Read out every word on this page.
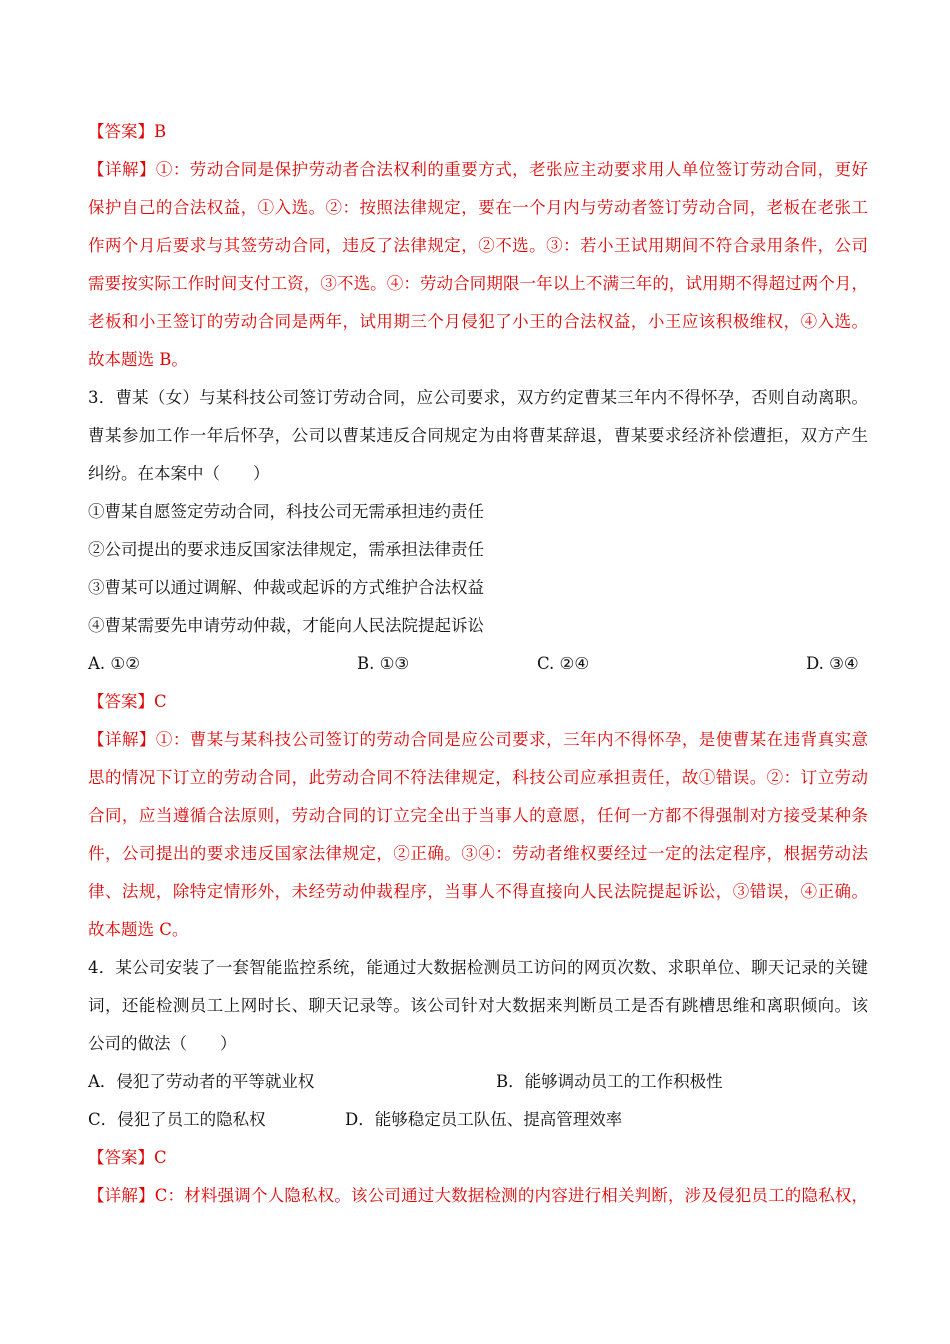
【答案】B
【详解】①：劳动合同是保护劳动者合法权利的重要方式，老张应主动要求用人单位签订劳动合同，更好
保护自己的合法权益，①入选。②：按照法律规定，要在一个月内与劳动者签订劳动合同，老板在老张工
作两个月后要求与其签劳动合同，违反了法律规定，②不选。③：若小王试用期间不符合录用条件，公司
需要按实际工作时间支付工资，③不选。④：劳动合同期限一年以上不满三年的，试用期不得超过两个月，
老板和小王签订的劳动合同是两年，试用期三个月侵犯了小王的合法权益，小王应该积极维权，④入选。
故本题选 B。
3．曹某（女）与某科技公司签订劳动合同，应公司要求，双方约定曹某三年内不得怀孕，否则自动离职。
曹某参加工作一年后怀孕，公司以曹某违反合同规定为由将曹某辞退，曹某要求经济补偿遭拒，双方产生
纠纷。在本案中（　　）
①曹某自愿签定劳动合同，科技公司无需承担违约责任
②公司提出的要求违反国家法律规定，需承担法律责任
③曹某可以通过调解、仲裁或起诉的方式维护合法权益
④曹某需要先申请劳动仲裁，才能向人民法院提起诉讼
A. ①②	B. ①③	C. ②④	D. ③④
【答案】C
【详解】①：曹某与某科技公司签订的劳动合同是应公司要求，三年内不得怀孕，是使曹某在违背真实意
思的情况下订立的劳动合同，此劳动合同不符法律规定，科技公司应承担责任，故①错误。②：订立劳动
合同，应当遵循合法原则，劳动合同的订立完全出于当事人的意愿，任何一方都不得强制对方接受某种条
件，公司提出的要求违反国家法律规定，②正确。③④：劳动者维权要经过一定的法定程序，根据劳动法
律、法规，除特定情形外，未经劳动仲裁程序，当事人不得直接向人民法院提起诉讼，③错误，④正确。
故本题选 C。
4．某公司安装了一套智能监控系统，能通过大数据检测员工访问的网页次数、求职单位、聊天记录的关键
词，还能检测员工上网时长、聊天记录等。该公司针对大数据来判断员工是否有跳槽思维和离职倾向。该
公司的做法（　　）
A．侵犯了劳动者的平等就业权	B．能够调动员工的工作积极性
C．侵犯了员工的隐私权	D．能够稳定员工队伍、提高管理效率
【答案】C
【详解】C：材料强调个人隐私权。该公司通过大数据检测的内容进行相关判断，涉及侵犯员工的隐私权，
